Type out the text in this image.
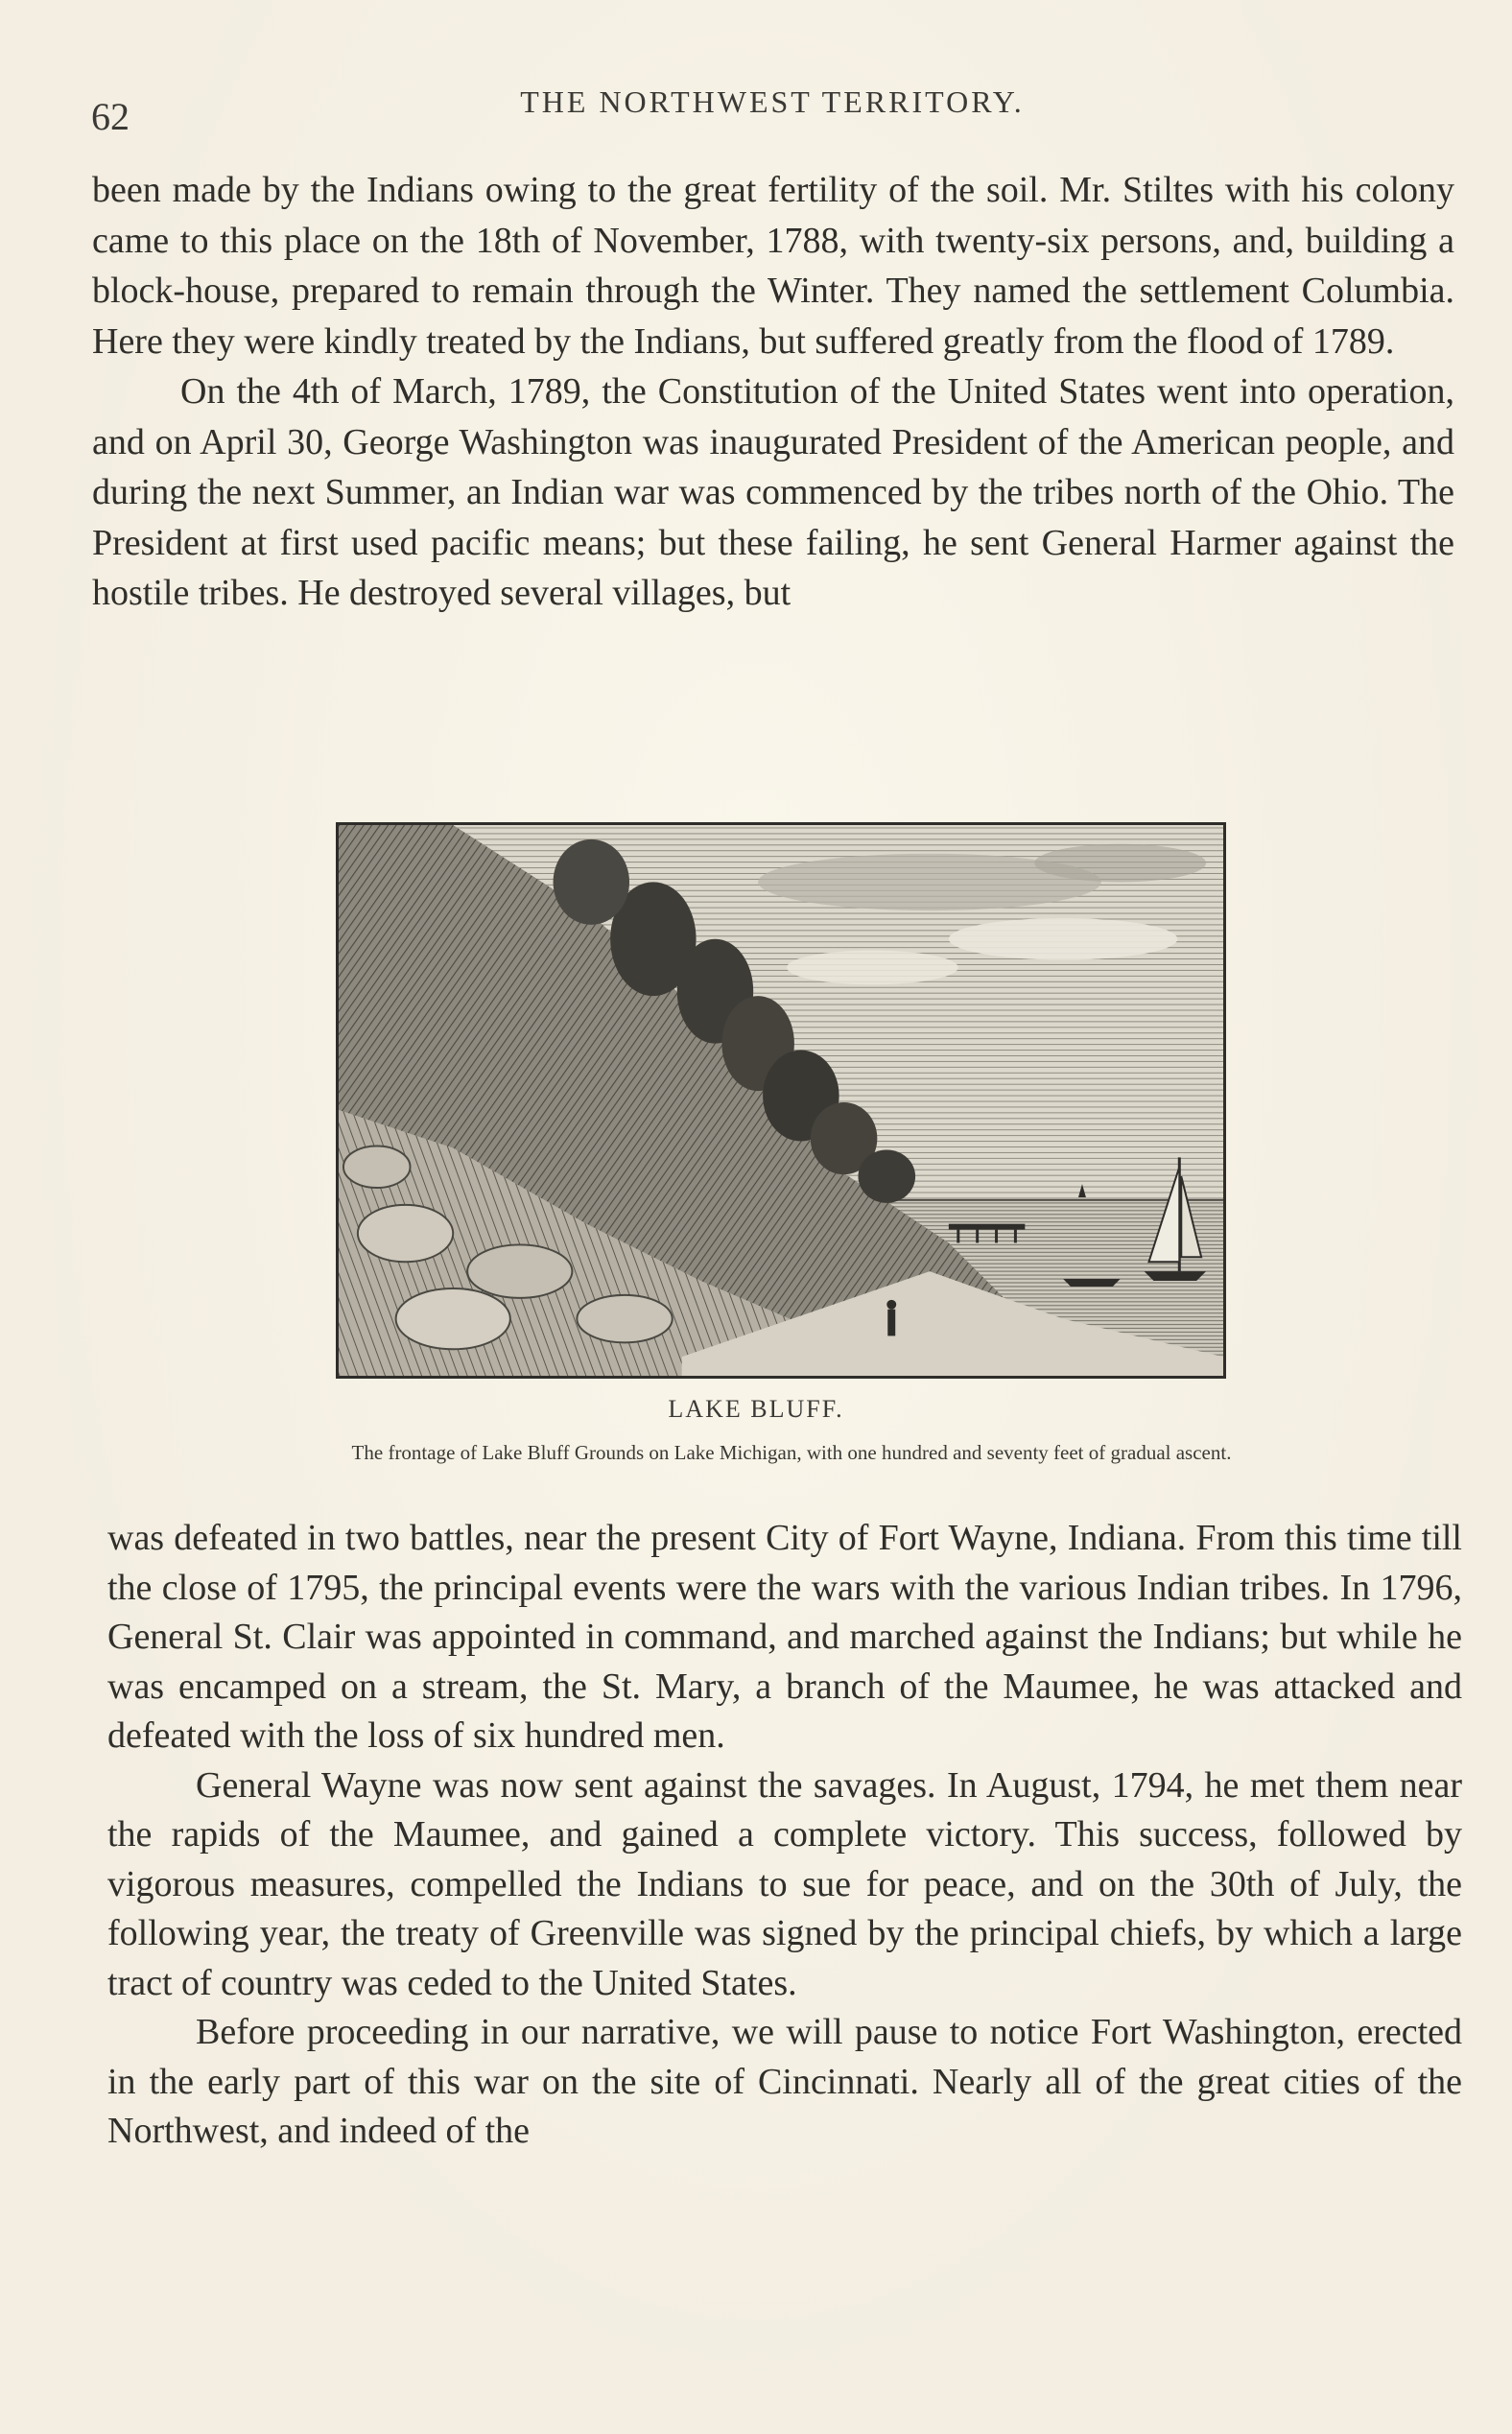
62	THE NORTHWEST TERRITORY.

been made by the Indians owing to the great fertility of the soil. Mr. Stiltes with his colony came to this place on the 18th of November, 1788, with twenty-six persons, and, building a block-house, prepared to remain through the Winter. They named the settlement Columbia. Here they were kindly treated by the Indians, but suffered greatly from the flood of 1789.

On the 4th of March, 1789, the Constitution of the United States went into operation, and on April 30, George Washington was inaugurated President of the American people, and during the next Summer, an Indian war was commenced by the tribes north of the Ohio. The President at first used pacific means; but these failing, he sent General Harmer against the hostile tribes. He destroyed several villages, but

LAKE BLUFF.
The frontage of Lake Bluff Grounds on Lake Michigan, with one hundred and seventy feet of gradual ascent.

was defeated in two battles, near the present City of Fort Wayne, Indiana. From this time till the close of 1795, the principal events were the wars with the various Indian tribes. In 1796, General St. Clair was appointed in command, and marched against the Indians; but while he was encamped on a stream, the St. Mary, a branch of the Maumee, he was attacked and defeated with the loss of six hundred men.

General Wayne was now sent against the savages. In August, 1794, he met them near the rapids of the Maumee, and gained a complete victory. This success, followed by vigorous measures, compelled the Indians to sue for peace, and on the 30th of July, the following year, the treaty of Greenville was signed by the principal chiefs, by which a large tract of country was ceded to the United States.

Before proceeding in our narrative, we will pause to notice Fort Washington, erected in the early part of this war on the site of Cincinnati. Nearly all of the great cities of the Northwest, and indeed of the
